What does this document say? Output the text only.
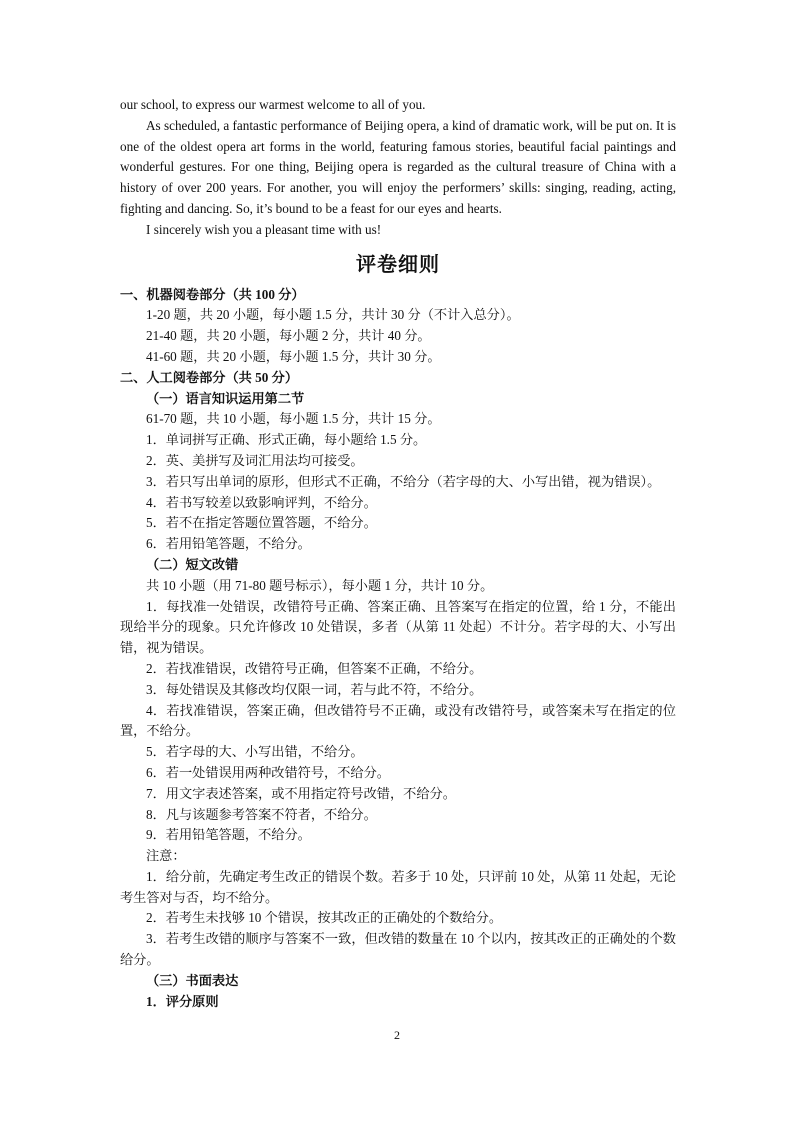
our school, to express our warmest welcome to all of you.

As scheduled, a fantastic performance of Beijing opera, a kind of dramatic work, will be put on. It is one of the oldest opera art forms in the world, featuring famous stories, beautiful facial paintings and wonderful gestures. For one thing, Beijing opera is regarded as the cultural treasure of China with a history of over 200 years. For another, you will enjoy the performers’ skills: singing, reading, acting, fighting and dancing. So, it’s bound to be a feast for our eyes and hearts.

I sincerely wish you a pleasant time with us!

评卷细则

一、机器阅卷部分（共 100 分）

1-20 题，共 20 小题，每小题 1.5 分，共计 30 分（不计入总分）。

21-40 题，共 20 小题，每小题 2 分，共计 40 分。

41-60 题，共 20 小题，每小题 1.5 分，共计 30 分。

二、人工阅卷部分（共 50 分）

（一）语言知识运用第二节

61-70 题，共 10 小题，每小题 1.5 分，共计 15 分。

1．单词拼写正确、形式正确，每小题给 1.5 分。

2．英、美拼写及词汇用法均可接受。

3．若只写出单词的原形，但形式不正确，不给分（若字母的大、小写出错，视为错误）。

4．若书写较差以致影响评判，不给分。

5．若不在指定答题位置答题，不给分。

6．若用铅笔答题，不给分。

（二）短文改错

共 10 小题（用 71-80 题号标示），每小题 1 分，共计 10 分。

1．每找准一处错误，改错符号正确、答案正确、且答案写在指定的位置，给 1 分，不能出现给半分的现象。只允许修改 10 处错误，多者（从第 11 处起）不计分。若字母的大、小写出错，视为错误。

2．若找准错误，改错符号正确，但答案不正确，不给分。

3．每处错误及其修改均仅限一词，若与此不符，不给分。

4．若找准错误，答案正确，但改错符号不正确，或没有改错符号，或答案未写在指定的位置，不给分。

5．若字母的大、小写出错，不给分。

6．若一处错误用两种改错符号，不给分。

7．用文字表述答案，或不用指定符号改错，不给分。

8．凡与该题参考答案不符者，不给分。

9．若用铅笔答题，不给分。

注意：

1．给分前，先确定考生改正的错误个数。若多于 10 处，只评前 10 处，从第 11 处起，无论考生答对与否，均不给分。

2．若考生未找够 10 个错误，按其改正的正确处的个数给分。

3．若考生改错的顺序与答案不一致，但改错的数量在 10 个以内，按其改正的正确处的个数给分。

（三）书面表达

1．评分原则

2
